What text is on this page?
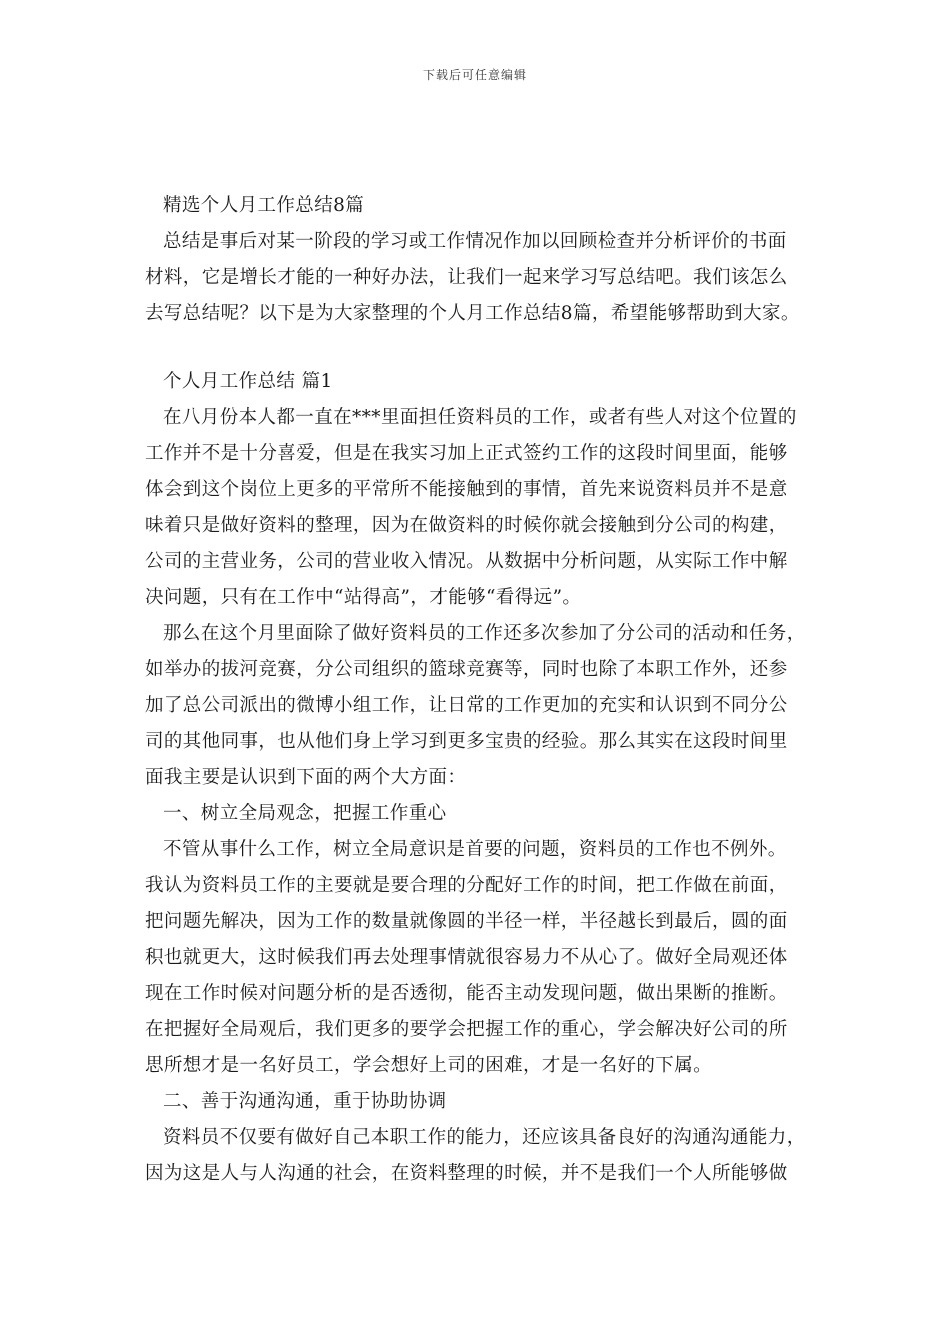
下载后可任意编辑
精选个人月工作总结8篇
总结是事后对某一阶段的学习或工作情况作加以回顾检查并分析评价的书面
材料，它是增长才能的一种好办法，让我们一起来学习写总结吧。我们该怎么
去写总结呢？以下是为大家整理的个人月工作总结8篇，希望能够帮助到大家。
个人月工作总结 篇1
在八月份本人都一直在***里面担任资料员的工作，或者有些人对这个位置的
工作并不是十分喜爱，但是在我实习加上正式签约工作的这段时间里面，能够
体会到这个岗位上更多的平常所不能接触到的事情，首先来说资料员并不是意
味着只是做好资料的整理，因为在做资料的时候你就会接触到分公司的构建，
公司的主营业务，公司的营业收入情况。从数据中分析问题，从实际工作中解
决问题，只有在工作中“站得高”，才能够“看得远”。
那么在这个月里面除了做好资料员的工作还多次参加了分公司的活动和任务，
如举办的拔河竞赛，分公司组织的篮球竞赛等，同时也除了本职工作外，还参
加了总公司派出的微博小组工作，让日常的工作更加的充实和认识到不同分公
司的其他同事，也从他们身上学习到更多宝贵的经验。那么其实在这段时间里
面我主要是认识到下面的两个大方面：
一、树立全局观念，把握工作重心
不管从事什么工作，树立全局意识是首要的问题，资料员的工作也不例外。
我认为资料员工作的主要就是要合理的分配好工作的时间，把工作做在前面，
把问题先解决，因为工作的数量就像圆的半径一样，半径越长到最后，圆的面
积也就更大，这时候我们再去处理事情就很容易力不从心了。做好全局观还体
现在工作时候对问题分析的是否透彻，能否主动发现问题，做出果断的推断。
在把握好全局观后，我们更多的要学会把握工作的重心，学会解决好公司的所
思所想才是一名好员工，学会想好上司的困难，才是一名好的下属。
二、善于沟通沟通，重于协助协调
资料员不仅要有做好自己本职工作的能力，还应该具备良好的沟通沟通能力，
因为这是人与人沟通的社会，在资料整理的时候，并不是我们一个人所能够做
